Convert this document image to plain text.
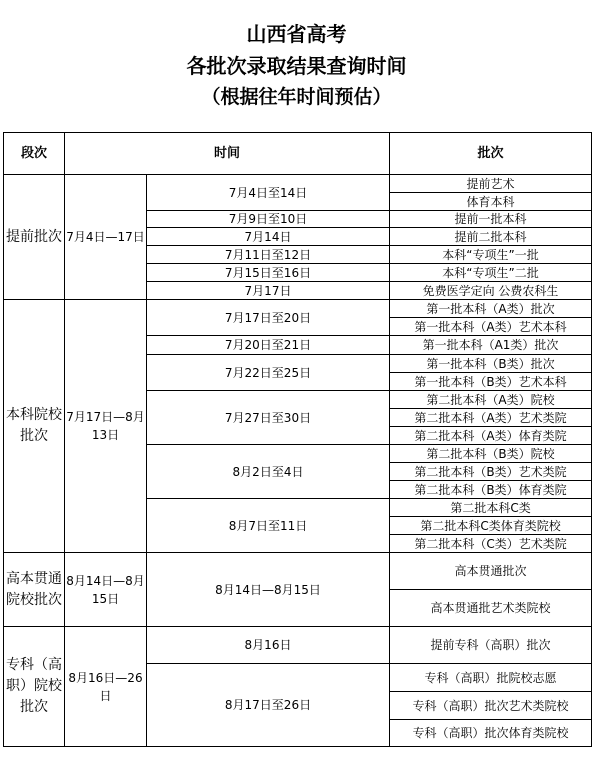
山西省高考
各批次录取结果查询时间
（根据往年时间预估）
段次	时间		批次
提前批次	7月4日—17日	7月4日至14日	提前艺术
			体育本科
		7月9日至10日	提前一批本科
		7月14日	提前二批本科
		7月11日至12日	本科“专项生”一批
		7月15日至16日	本科“专项生”二批
		7月17日	免费医学定向 公费农科生
本科院校批次	7月17日—8月13日	7月17日至20日	第一批本科（A类）批次
			第一批本科（A类）艺术本科
		7月20日至21日	第一批本科（A1类）批次
		7月22日至25日	第一批本科（B类）批次
			第一批本科（B类）艺术本科
		7月27日至30日	第二批本科（A类）院校
			第二批本科（A类）艺术类院
			第二批本科（A类）体育类院
		8月2日至4日	第二批本科（B类）院校
			第二批本科（B类）艺术类院
			第二批本科（B类）体育类院
		8月7日至11日	第二批本科C类
			第二批本科C类体育类院校
			第二批本科（C类）艺术类院
高本贯通院校批次	8月14日—8月15日	8月14日—8月15日	高本贯通批次
			高本贯通批艺术类院校
专科（高职）院校批次	8月16日—26日	8月16日	提前专科（高职）批次
		8月17日至26日	专科（高职）批院校志愿
			专科（高职）批次艺术类院校
			专科（高职）批次体育类院校
